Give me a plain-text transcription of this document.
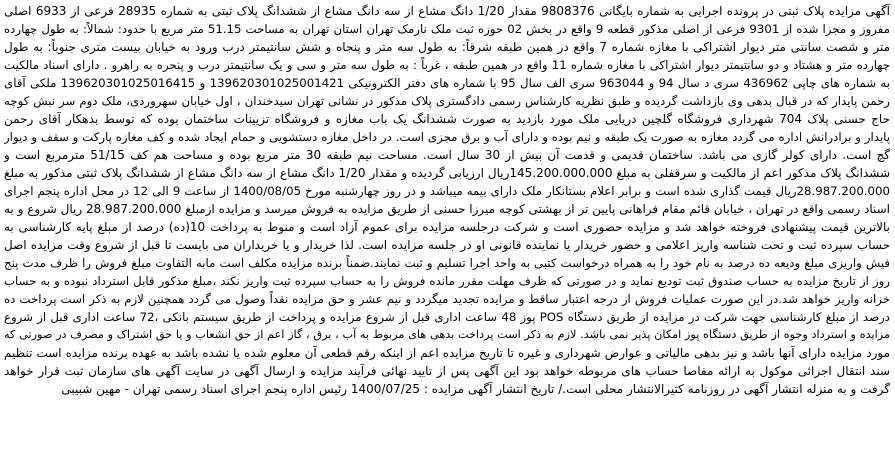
آگهی مزایده پلاک ثبتی در پرونده اجرایی به شماره بایگانی 9808376 مقدار 1/20 دانگ مشاع از سه دانگ مشاع از ششدانگ پلاک ثبتی به شماره 28935 فرعی از 6933 اصلی
مفروز و مجزا شده از 9301 فرعی از اصلی مذکور قطعه 9 واقع در بخش 02 حوزه ثبت ملک نارمک تهران استان تهران به مساحت 51.15 متر مربع با حدود: شمالاً: به طول چهارده
متر و شصت سانتی متر دیوار اشتراکی با مغازه شماره 7 واقع در همین طبقه شرقاً: به طول سه متر و پنجاه و شش سانتیمتر درب ورود به خیابان بیست متری جنوباً: به طول
چهارده متر و هشتاد و دو سانتیمتر دیوار اشتراکی با مغازه شماره 11 واقع در همین طبقه ، غرباً : به طول سه متر و سی و یک سانتیمتر درب و پنجره به راهرو . دارای اسناد مالکیت
به شماره های چاپی 436962 سری د سال 94 و 963044 سری الف سال 95 با شماره های دفتر الکترونیکی 139620301025001421 و 139620301025016415 ملکی آقای
رحمن پایدار که در قبال بدهی وی بازداشت گردیده و طبق نظریه کارشناس رسمی دادگستری پلاک مذکور در نشانی تهران سیدخندان ، اول خیابان سهروردی، ملک دوم سر نبش کوچه
حاج حسنی پلاک 704 شهرداری فروشگاه گلچین دریایی ملک مورد بازدید به صورت ششدانگ یک باب مغازه و فروشگاه تزیینات ساختمان بوده که توسط بدهکار آقای رحمن
پایدار و برادرانش اداره می گردد مغازه به صورت یک طبقه و نیم بوده و دارای آب و برق مجزی است. در داخل مغازه دستشویی و حمام ایجاد شده و کف مغازه پارکت و سقف و دیوار
گچ است. دارای کولر گازی می باشد. ساختمان قدیمی و قدمت آن بیش از 30 سال است. مساحت نیم طبقه 30 متر مربع بوده و مساحت هم کف 51/15 مترمربع است و
ششدانگ پلاک مذکور اعم از مالکیت و سرقفلی به مبلغ 145.200.000.000ریال ارزیابی گردیده و مقدار 1/20 دانگ مشاع از سه دانگ مشاع از ششدانگ پلاک ثبتی مذکور به مبلغ
28.987.200.000ریال قیمت گذاری شده است و برابر اعلام بستانکار ملک دارای بیمه میباشد و در روز چهارشنبه مورخ 1400/08/05 از ساعت 9 الی 12 در محل اداره پنجم اجرای
اسناد رسمی واقع در تهران ، خیابان قائم مقام فراهانی پایین تر از بهشتی کوچه میرزا حسنی از طریق مزایده به فروش میرسد و مزایده ازمبلغ 28.987.200.000 ریال شروع و به
بالاترین قیمت پیشنهادی فروخته خواهد شد و مزایده حضوری است و شرکت درجلسه مزایده برای عموم آزاد است و منوط به پرداخت 10(ده) درصد از مبلغ پایه کارشناسی به
حساب سپرده ثبت و تحت شناسه واریز اعلامی و حضور خریدار یا نماینده قانونی او در جلسه مزایده است. لذا خریدار و یا خریداران می بایست تا قبل از شروع وقت مزایده اصل
فیش واریزی مبلغ ودیعه ده درصد به نام خود را به همراه درخواست کتبی به واحد اجرا تسلیم و ثبت نمایند.ضمناً برنده مزایده مکلف است مابه التفاوت مبلغ فروش را ظرف مدت پنج
روز از تاریخ مزایده به حساب صندوق ثبت تودیع نماید و در صورتی که ظرف مهلت مقرر مانده فروش را به حساب سپرده ثبت واریز نکند ،مبلغ مذکور قابل استرداد نبوده و به حساب
خزانه واریز خواهد شد.در این صورت عملیات فروش از درجه اعتبار ساقط و مزایده تجدید میگردد و نیم عشر و حق مزایده نقداً وصول می گردد همچنین لازم به ذکر است پرداخت ده
درصد از مبلغ کارشناسی جهت شرکت در مزایده از طریق دستگاه POS پوز 48 ساعت اداری قبل از شروع مزایده و پرداخت از طریق سیستم بانکی ،72 ساعت اداری قبل از شروع
مزایده و استرداد وجوه از طریق دستگاه پوز امکان پذیر نمی باشد. لازم به ذکر است پرداخت بدهی های مربوط به آب ، برق ، گاز اعم از حق انشعاب و یا حق اشتراک و مصرف در صورتی که
مورد مزایده دارای آنها باشد و نیز بدهی مالیاتی و عوارض شهرداری و غیره تا تاریخ مزایده اعم از اینکه رقم قطعی آن معلوم شده یا نشده باشد به عهده برنده مزایده است تنظیم
سند انتقال اجرائی موکول به ارائه مفاصا حساب های مربوطه خواهد بود این آگهی پس از تایید نهائی فرآیند مزایده و ارسال آگهی در سایت آگهی های سازمان ثبت قرار خواهد
گرفت و به منزله انتشار آگهی در روزنامه کثیرالانتشار محلی است./ تاریخ انتشار آگهی مزایده : 1400/07/25 رئیس اداره پنجم اجرای اسناد رسمی تهران - مهین شبیبی
